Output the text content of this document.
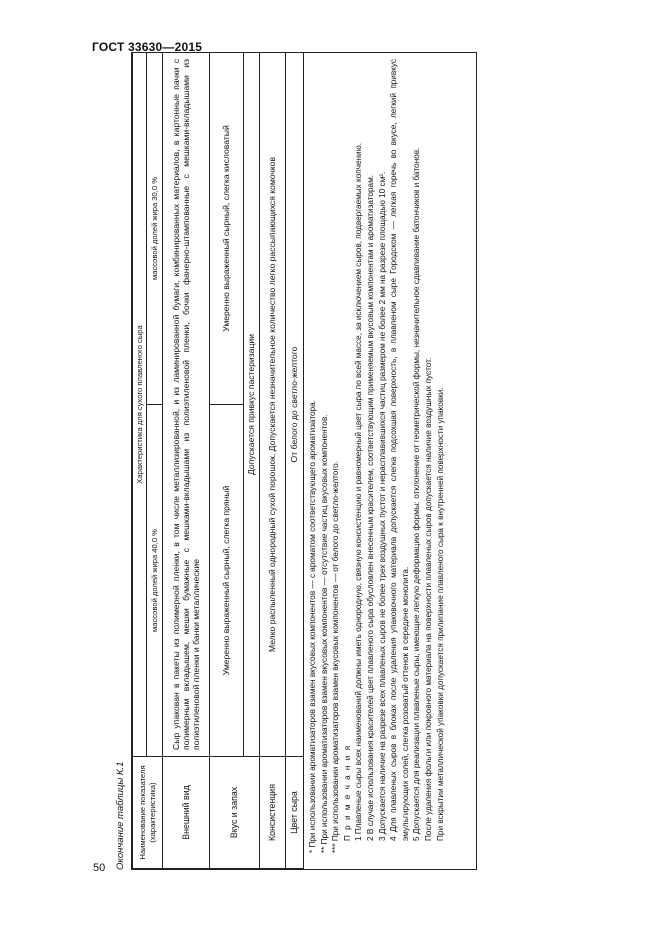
ГОСТ 33630—2015
50	Окончание таблицы К.1	Наименование показателя (характеристика)	Характеристика для сухого плавленого сыра	
	массовой долей жира 40,0 %	массовой долей жира 30,0 %
Внешний вид	Сыр упакован в пакеты из полимерной пленки, в том числе металлизированной, и из ламинированной бумаги, комбинированных материалов, в картонные пачки с полимерным вкладышем, мешки бумажные с мешками-вкладышами из полиэтиленовой пленки, бочки фанерно-штампованные с мешками-вкладышами из полиэтиленовой пленки и банки металлические	
Вкус и запах	Умеренно выраженный сырный, слегка пряный	Умеренно выраженный сырный, слегка кисловатый
	Допускается привкус пастеризации	
Консистенция	Мелко распыленный однородный сухой порошок. Допускается незначительное количество легко рассыпающихся комочков	
Цвет сыра	От белого до светло-желтого	* При использовании ароматизаторов взамен вкусовых компонентов — с ароматом соответствующего ароматизатора. ** При использовании ароматизаторов взамен вкусовых компонентов — отсутствие частиц вкусовых компонентов. *** При использовании ароматизаторов взамен вкусовых компонентов — от белого до светло-желтого. П р и м е ч а н и я 1 Плавленые сыры всех наименований должны иметь однородную, связную консистенцию и равномерный цвет сыра по всей массе, за исключением сыров, подвергаемых копчению. 2 В случае использования красителей цвет плавленого сыра обусловлен внесенным красителем, соответствующим применяемым вкусовым компонентам и ароматизаторам. 3 Допускается наличие на разрезе всех плавленых сыров не более трех воздушных пустот и нерасплавившихся частиц размером не более 2 мм на разрезе площадью 10 см². 4 Для плавленых сыров в блоках после удаления упаковочного материала допускается слегка подсохшая поверхность, в плавленом сыре Городском — легкая горечь во вкусе, легкий привкус эмульгирующих солей, слегка розоватый оттенок в середине монолита. 5 Допускается для реализации плавленые сыры, имеющие легкую деформацию формы: отклонение от геометрической формы, незначительное сдавливание батончиков и батонов. После удаления фольги или покровного материала на поверхности плавленых сыров допускается наличие воздушных пустот. При вскрытии металлической упаковки допускается прилипание плавленого сыра к внутренней поверхности упаковки.
